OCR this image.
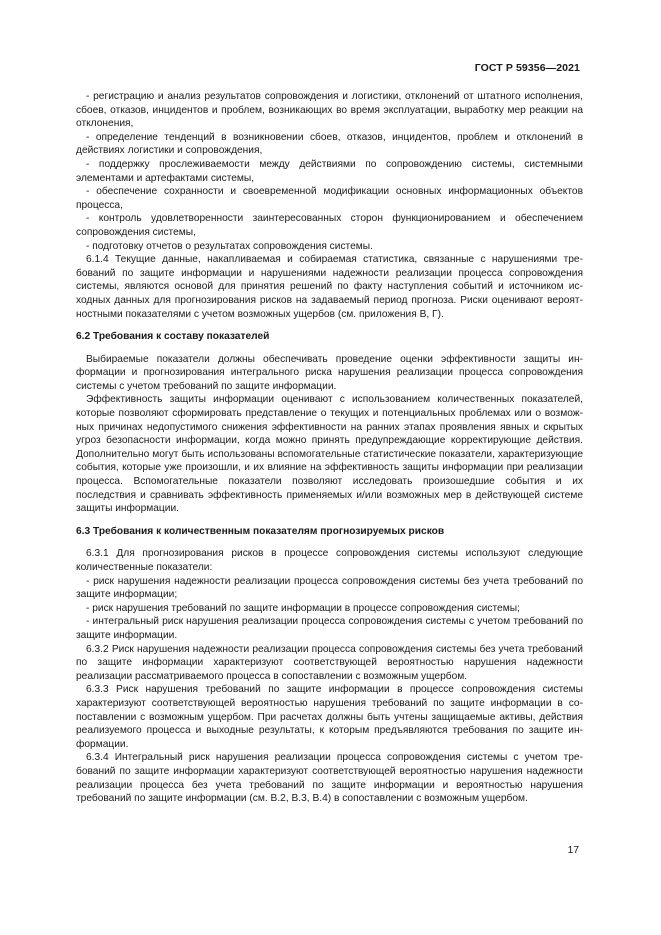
ГОСТ Р 59356—2021

- регистрацию и анализ результатов сопровождения и логистики, отклонений от штатного исполнения, сбоев, отказов, инцидентов и проблем, возникающих во время эксплуатации, выработку мер реакции на отклонения,

- определение тенденций в возникновении сбоев, отказов, инцидентов, проблем и отклонений в действиях логистики и сопровождения,

- поддержку прослеживаемости между действиями по сопровождению системы, системными элементами и артефактами системы,

- обеспечение сохранности и своевременной модификации основных информационных объектов процесса,

- контроль удовлетворенности заинтересованных сторон функционированием и обеспечением сопровождения системы,

- подготовку отчетов о результатах сопровождения системы.

6.1.4 Текущие данные, накапливаемая и собираемая статистика, связанные с нарушениями требований по защите информации и нарушениями надежности реализации процесса сопровождения системы, являются основой для принятия решений по факту наступления событий и источником исходных данных для прогнозирования рисков на задаваемый период прогноза. Риски оценивают вероятностными показателями с учетом возможных ущербов (см. приложения В, Г).

6.2 Требования к составу показателей

Выбираемые показатели должны обеспечивать проведение оценки эффективности защиты информации и прогнозирования интегрального риска нарушения реализации процесса сопровождения системы с учетом требований по защите информации.

Эффективность защиты информации оценивают с использованием количественных показателей, которые позволяют сформировать представление о текущих и потенциальных проблемах или о возможных причинах недопустимого снижения эффективности на ранних этапах проявления явных и скрытых угроз безопасности информации, когда можно принять предупреждающие корректирующие действия. Дополнительно могут быть использованы вспомогательные статистические показатели, характеризующие события, которые уже произошли, и их влияние на эффективность защиты информации при реализации процесса. Вспомогательные показатели позволяют исследовать произошедшие события и их последствия и сравнивать эффективность применяемых и/или возможных мер в действующей системе защиты информации.

6.3 Требования к количественным показателям прогнозируемых рисков

6.3.1 Для прогнозирования рисков в процессе сопровождения системы используют следующие количественные показатели:

- риск нарушения надежности реализации процесса сопровождения системы без учета требований по защите информации;

- риск нарушения требований по защите информации в процессе сопровождения системы;

- интегральный риск нарушения реализации процесса сопровождения системы с учетом требований по защите информации.

6.3.2 Риск нарушения надежности реализации процесса сопровождения системы без учета требований по защите информации характеризуют соответствующей вероятностью нарушения надежности реализации рассматриваемого процесса в сопоставлении с возможным ущербом.

6.3.3 Риск нарушения требований по защите информации в процессе сопровождения системы характеризуют соответствующей вероятностью нарушения требований по защите информации в сопоставлении с возможным ущербом. При расчетах должны быть учтены защищаемые активы, действия реализуемого процесса и выходные результаты, к которым предъявляются требования по защите информации.

6.3.4 Интегральный риск нарушения реализации процесса сопровождения системы с учетом требований по защите информации характеризуют соответствующей вероятностью нарушения надежности реализации процесса без учета требований по защите информации и вероятностью нарушения требований по защите информации (см. В.2, В.3, В.4) в сопоставлении с возможным ущербом.

17
